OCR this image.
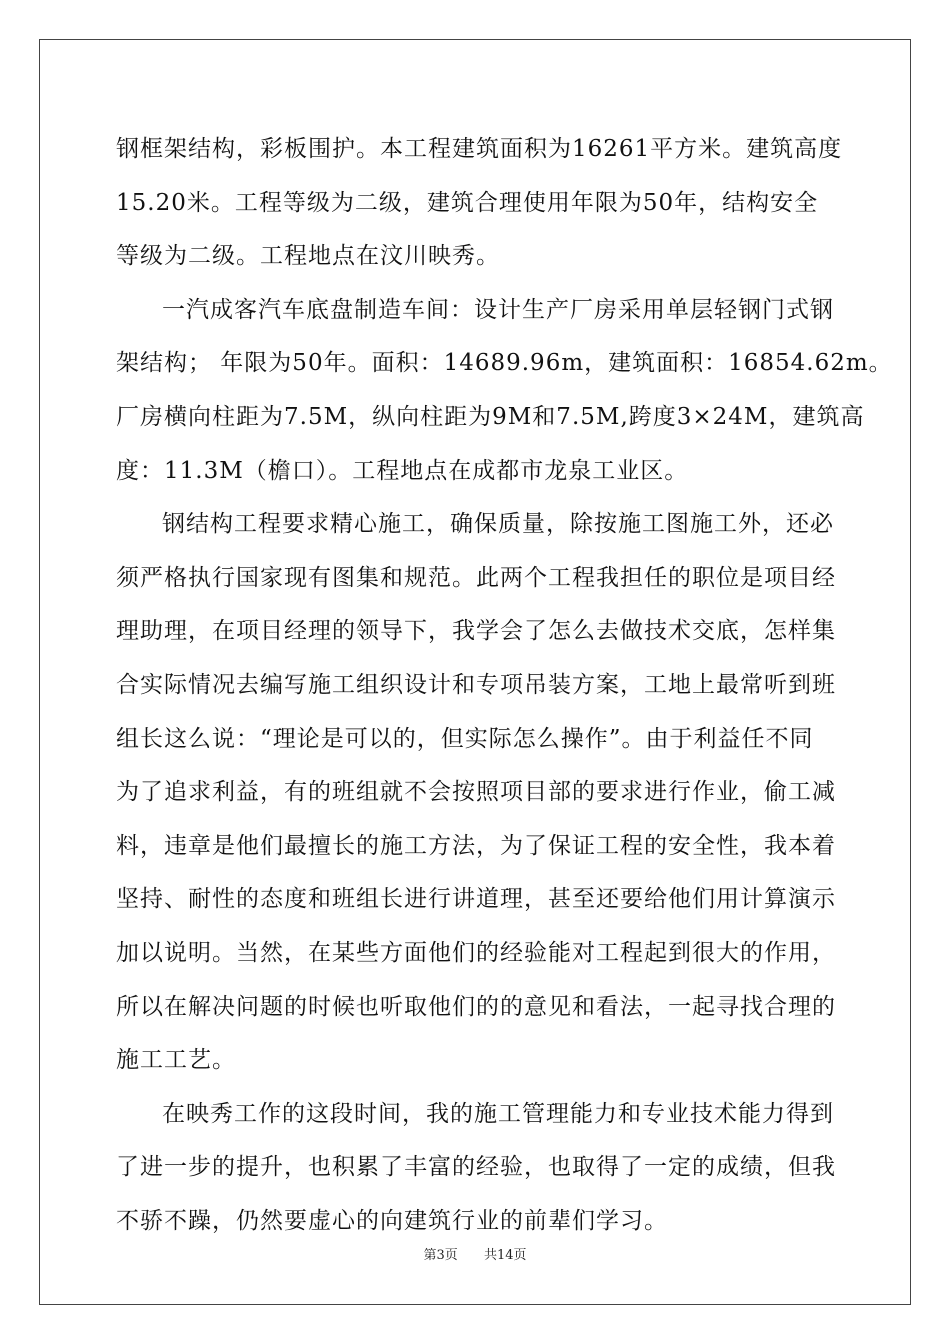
钢框架结构，彩板围护。本工程建筑面积为16261平方米。建筑高度
15.20米。工程等级为二级，建筑合理使用年限为50年，结构安全
等级为二级。工程地点在汶川映秀。
一汽成客汽车底盘制造车间：设计生产厂房采用单层轻钢门式钢
架结构； 年限为50年。面积：14689.96m，建筑面积：16854.62m。
厂房横向柱距为7.5M，纵向柱距为9M和7.5M,跨度3×24M，建筑高
度：11.3M（檐口）。工程地点在成都市龙泉工业区。
钢结构工程要求精心施工，确保质量，除按施工图施工外，还必
须严格执行国家现有图集和规范。此两个工程我担任的职位是项目经
理助理，在项目经理的领导下，我学会了怎么去做技术交底，怎样集
合实际情况去编写施工组织设计和专项吊装方案，工地上最常听到班
组长这么说：“理论是可以的，但实际怎么操作”。由于利益任不同
为了追求利益，有的班组就不会按照项目部的要求进行作业，偷工减
料，违章是他们最擅长的施工方法，为了保证工程的安全性，我本着
坚持、耐性的态度和班组长进行讲道理，甚至还要给他们用计算演示
加以说明。当然，在某些方面他们的经验能对工程起到很大的作用，
所以在解决问题的时候也听取他们的的意见和看法，一起寻找合理的
施工工艺。
在映秀工作的这段时间，我的施工管理能力和专业技术能力得到
了进一步的提升，也积累了丰富的经验，也取得了一定的成绩，但我
不骄不躁，仍然要虚心的向建筑行业的前辈们学习。
第3页 共14页
